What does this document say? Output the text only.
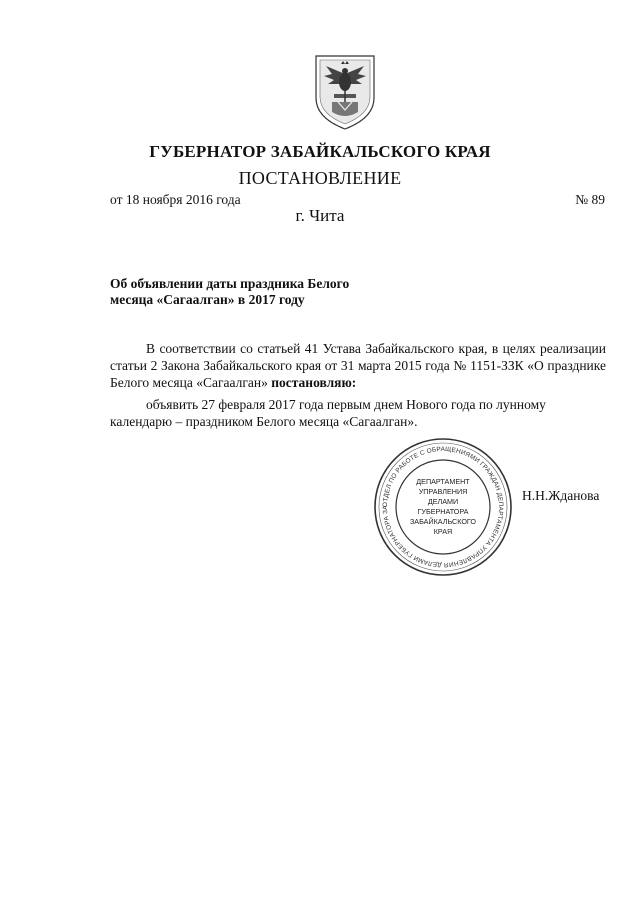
ГУБЕРНАТОР ЗАБАЙКАЛЬСКОГО КРАЯ
ПОСТАНОВЛЕНИЕ
от 18 ноября 2016 года	№ 89
г. Чита
Об объявлении даты праздника Белого
месяца «Сагаалган» в 2017 году
В соответствии со статьей 41 Устава Забайкальского края, в целях реализации статьи 2 Закона Забайкальского края от 31 марта 2015 года № 1151-ЗЗК «О празднике Белого месяца «Сагаалган» постановляю:
объявить 27 февраля 2017 года первым днем Нового года по лунному календарю – праздником Белого месяца «Сагаалган».
ОТДЕЛ ПО РАБОТЕ С ОБРАЩЕНИЯМИ ГРАЖДАН ДЕПАРТАМЕНТА УПРАВЛЕНИЯ ДЕЛАМИ ГУБЕРНАТОРА ЗА
ДЕПАРТАМЕНТ
УПРАВЛЕНИЯ
ДЕЛАМИ
ГУБЕРНАТОРА
ЗАБАЙКАЛЬСКОГО
КРАЯ
Н.Н.Жданова
